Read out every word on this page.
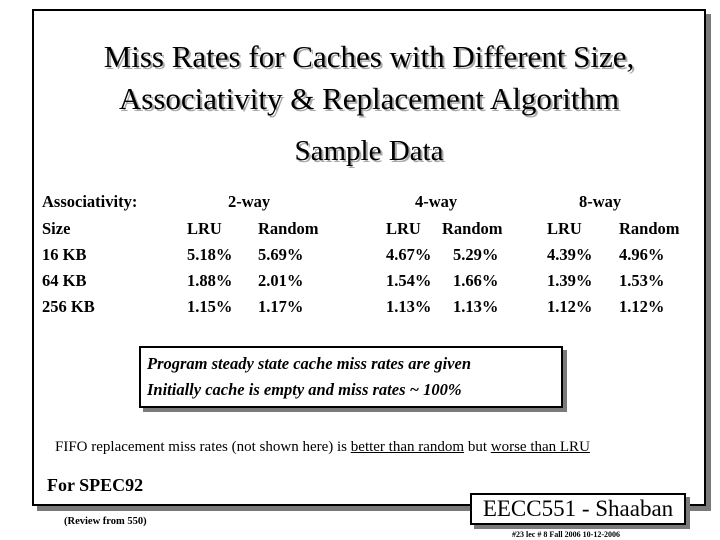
Miss Rates for Caches with Different Size,
Associativity & Replacement Algorithm
Sample Data
Associativity:	2-way	4-way	8-way
Size	LRU Random	LRU Random	LRU Random
16 KB	5.18% 5.69%	4.67% 5.29%	4.39% 4.96%
64 KB	1.88% 2.01%	1.54% 1.66%	1.39% 1.53%
256 KB	1.15% 1.17%	1.13% 1.13%	1.12% 1.12%
Program steady state cache miss rates are given
Initially cache is empty and miss rates ~ 100%
FIFO replacement miss rates (not shown here) is better than random but worse than LRU
For SPEC92
(Review from 550)
EECC551 - Shaaban
#23 lec # 8 Fall 2006 10-12-2006
